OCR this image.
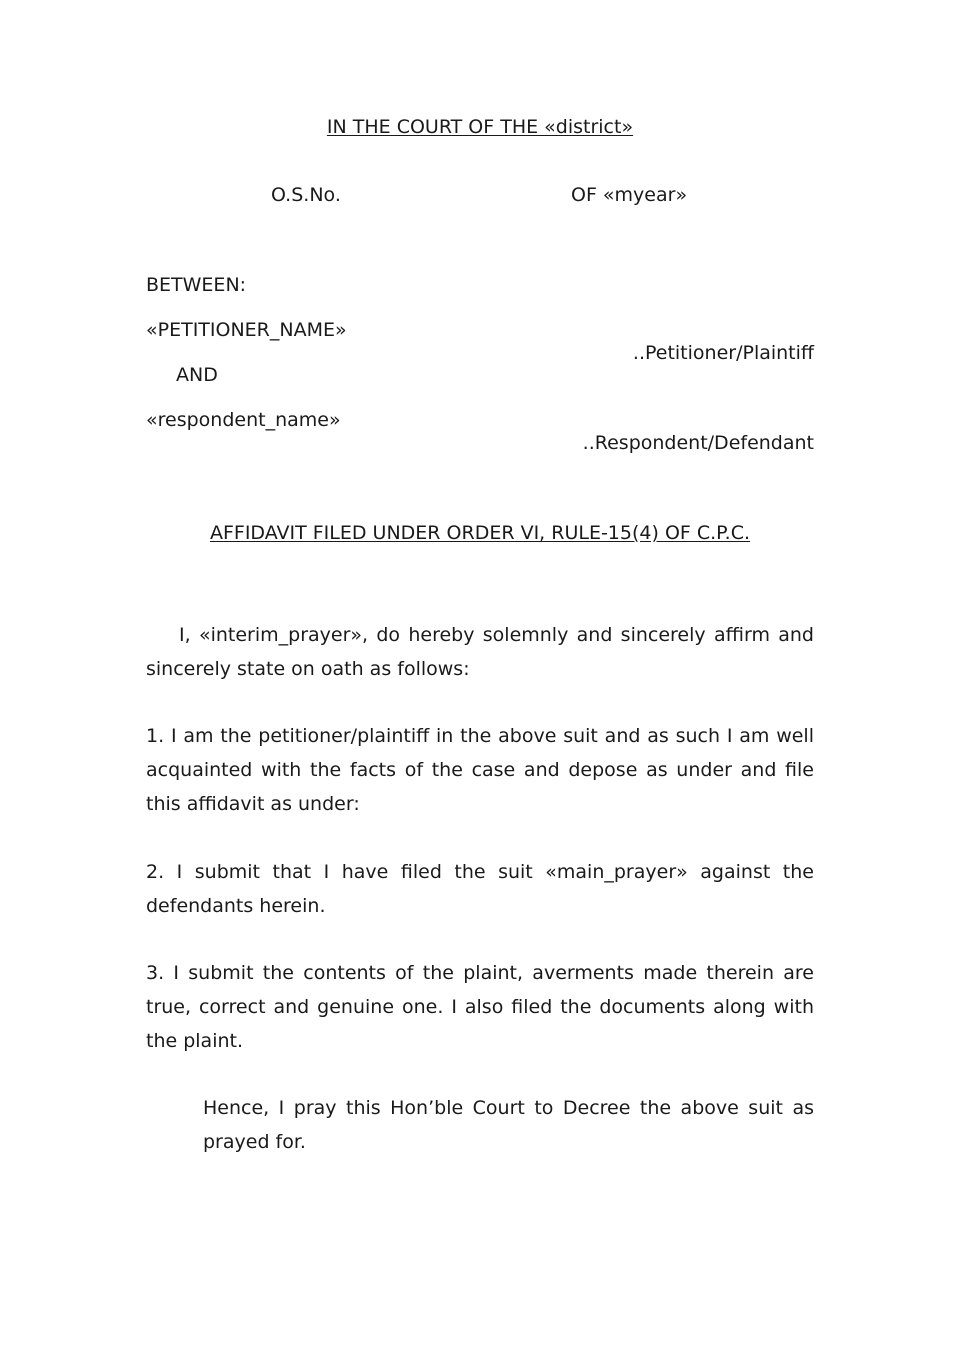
IN THE COURT OF THE «district»
O.S.No.	OF «myear»
BETWEEN:
«PETITIONER_NAME»
..Petitioner/Plaintiff
AND
«respondent_name»
..Respondent/Defendant
AFFIDAVIT FILED UNDER ORDER VI, RULE-15(4) OF C.P.C.

I, «interim_prayer», do hereby solemnly and sincerely affirm and sincerely state on oath as follows:

1. I am the petitioner/plaintiff in the above suit and as such I am well acquainted with the facts of the case and depose as under and file this affidavit as under:

2. I submit that I have filed the suit «main_prayer» against the defendants herein.

3. I submit the contents of the plaint, averments made therein are true, correct and genuine one. I also filed the documents along with the plaint.

Hence, I pray this Hon’ble Court to Decree the above suit as prayed for.
